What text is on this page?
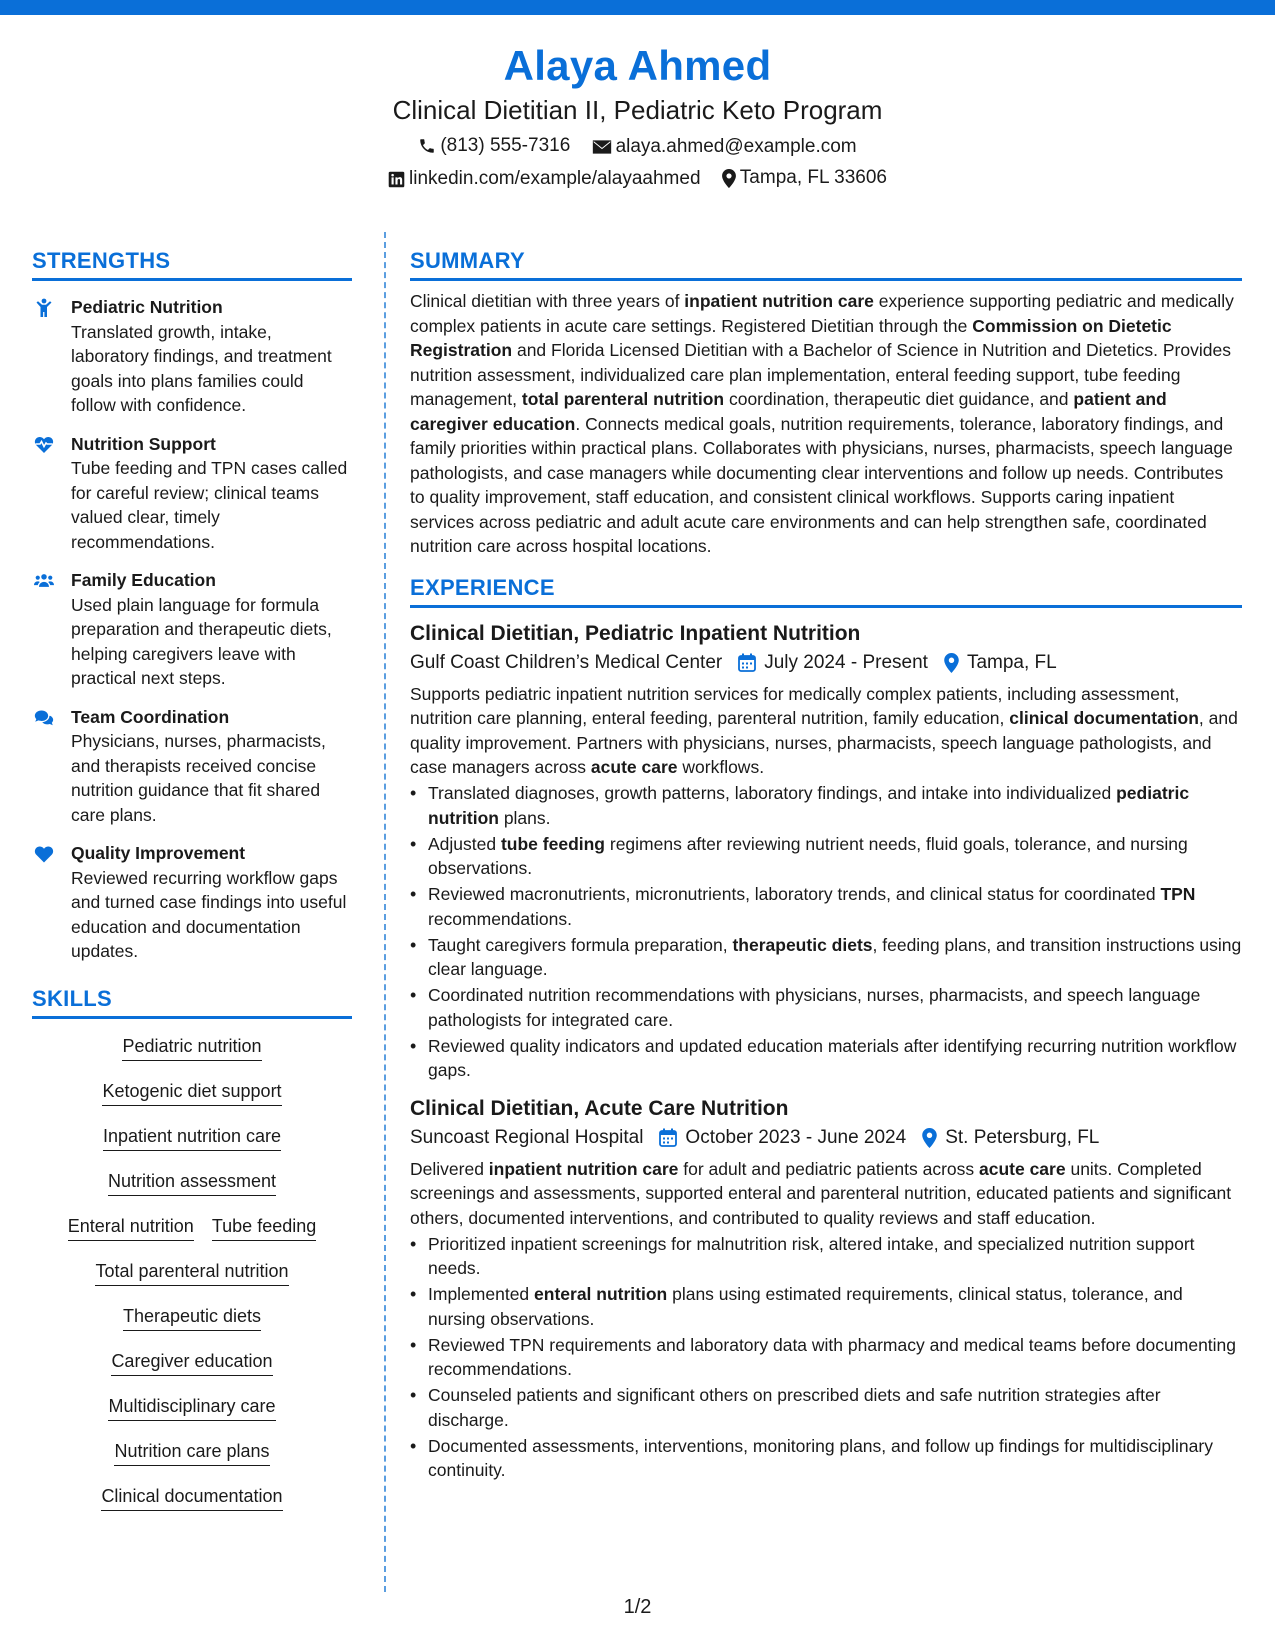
Alaya Ahmed
Clinical Dietitian II, Pediatric Keto Program
(813) 555-7316
alaya.ahmed@example.com
linkedin.com/example/alayaahmed
Tampa, FL 33606
STRENGTHS
Pediatric Nutrition
Translated growth, intake, laboratory findings, and treatment goals into plans families could follow with confidence.
Nutrition Support
Tube feeding and TPN cases called for careful review; clinical teams valued clear, timely recommendations.
Family Education
Used plain language for formula preparation and therapeutic diets, helping caregivers leave with practical next steps.
Team Coordination
Physicians, nurses, pharmacists, and therapists received concise nutrition guidance that fit shared care plans.
Quality Improvement
Reviewed recurring workflow gaps and turned case findings into useful education and documentation updates.
SKILLS
Pediatric nutrition
Ketogenic diet support
Inpatient nutrition care
Nutrition assessment
Enteral nutrition Tube feeding
Total parenteral nutrition
Therapeutic diets
Caregiver education
Multidisciplinary care
Nutrition care plans
Clinical documentation
SUMMARY
Clinical dietitian with three years of inpatient nutrition care experience supporting pediatric and medically complex patients in acute care settings. Registered Dietitian through the Commission on Dietetic Registration and Florida Licensed Dietitian with a Bachelor of Science in Nutrition and Dietetics. Provides nutrition assessment, individualized care plan implementation, enteral feeding support, tube feeding management, total parenteral nutrition coordination, therapeutic diet guidance, and patient and caregiver education. Connects medical goals, nutrition requirements, tolerance, laboratory findings, and family priorities within practical plans. Collaborates with physicians, nurses, pharmacists, speech language pathologists, and case managers while documenting clear interventions and follow up needs. Contributes to quality improvement, staff education, and consistent clinical workflows. Supports caring inpatient services across pediatric and adult acute care environments and can help strengthen safe, coordinated nutrition care across hospital locations.
EXPERIENCE
Clinical Dietitian, Pediatric Inpatient Nutrition
Gulf Coast Children’s Medical Center July 2024 - Present Tampa, FL
Supports pediatric inpatient nutrition services for medically complex patients, including assessment, nutrition care planning, enteral feeding, parenteral nutrition, family education, clinical documentation, and quality improvement. Partners with physicians, nurses, pharmacists, speech language pathologists, and case managers across acute care workflows.
• Translated diagnoses, growth patterns, laboratory findings, and intake into individualized pediatric nutrition plans.
• Adjusted tube feeding regimens after reviewing nutrient needs, fluid goals, tolerance, and nursing observations.
• Reviewed macronutrients, micronutrients, laboratory trends, and clinical status for coordinated TPN recommendations.
• Taught caregivers formula preparation, therapeutic diets, feeding plans, and transition instructions using clear language.
• Coordinated nutrition recommendations with physicians, nurses, pharmacists, and speech language pathologists for integrated care.
• Reviewed quality indicators and updated education materials after identifying recurring nutrition workflow gaps.
Clinical Dietitian, Acute Care Nutrition
Suncoast Regional Hospital October 2023 - June 2024 St. Petersburg, FL
Delivered inpatient nutrition care for adult and pediatric patients across acute care units. Completed screenings and assessments, supported enteral and parenteral nutrition, educated patients and significant others, documented interventions, and contributed to quality reviews and staff education.
• Prioritized inpatient screenings for malnutrition risk, altered intake, and specialized nutrition support needs.
• Implemented enteral nutrition plans using estimated requirements, clinical status, tolerance, and nursing observations.
• Reviewed TPN requirements and laboratory data with pharmacy and medical teams before documenting recommendations.
• Counseled patients and significant others on prescribed diets and safe nutrition strategies after discharge.
• Documented assessments, interventions, monitoring plans, and follow up findings for multidisciplinary continuity.
1/2
